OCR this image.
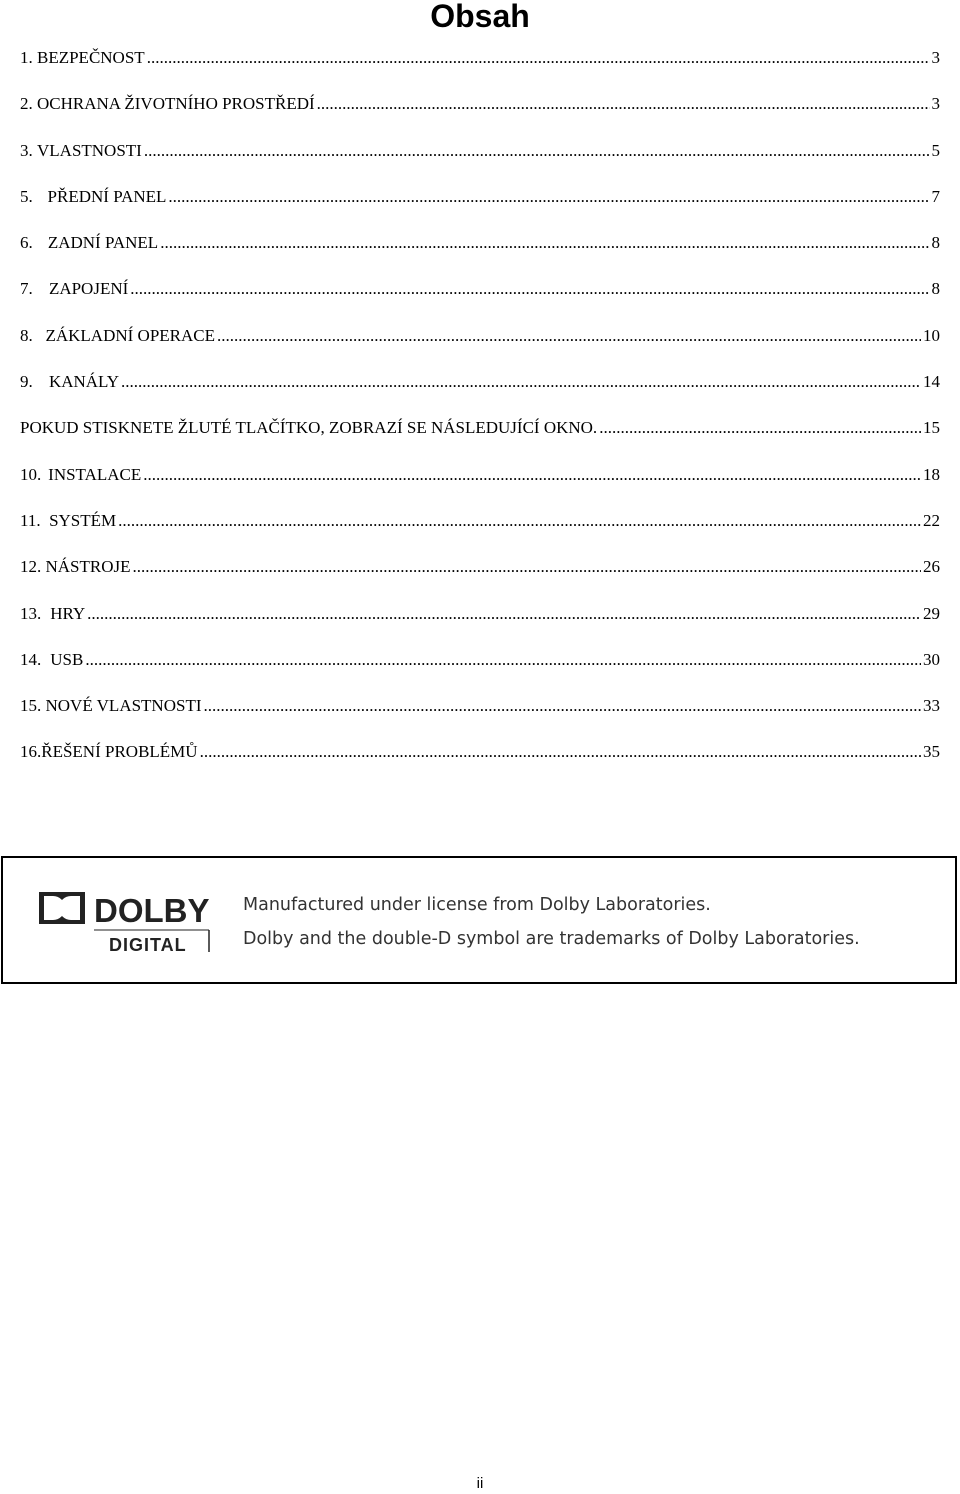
Obsah
1. BEZPEČNOST .....	3
2. OCHRANA ŽIVOTNÍHO PROSTŘEDÍ .....	3
3. VLASTNOSTI .....	5
5. PŘEDNÍ PANEL .....	7
6. ZADNÍ PANEL .....	8
7. ZAPOJENÍ .....	8
8. ZÁKLADNÍ OPERACE .....	10
9. KANÁLY .....	14
POKUD STISKNETE ŽLUTÉ TLAČÍTKO, ZOBRAZÍ SE NÁSLEDUJÍCÍ OKNO. .....	15
10. INSTALACE .....	18
11. SYSTÉM .....	22
12. NÁSTROJE .....	26
13. HRY .....	29
14. USB .....	30
15. NOVÉ VLASTNOSTI .....	33
16. ŘEŠENÍ PROBLÉMŮ .....	35
DOLBY
DIGITAL
Manufactured under license from Dolby Laboratories.
Dolby and the double-D symbol are trademarks of Dolby Laboratories.
ii
